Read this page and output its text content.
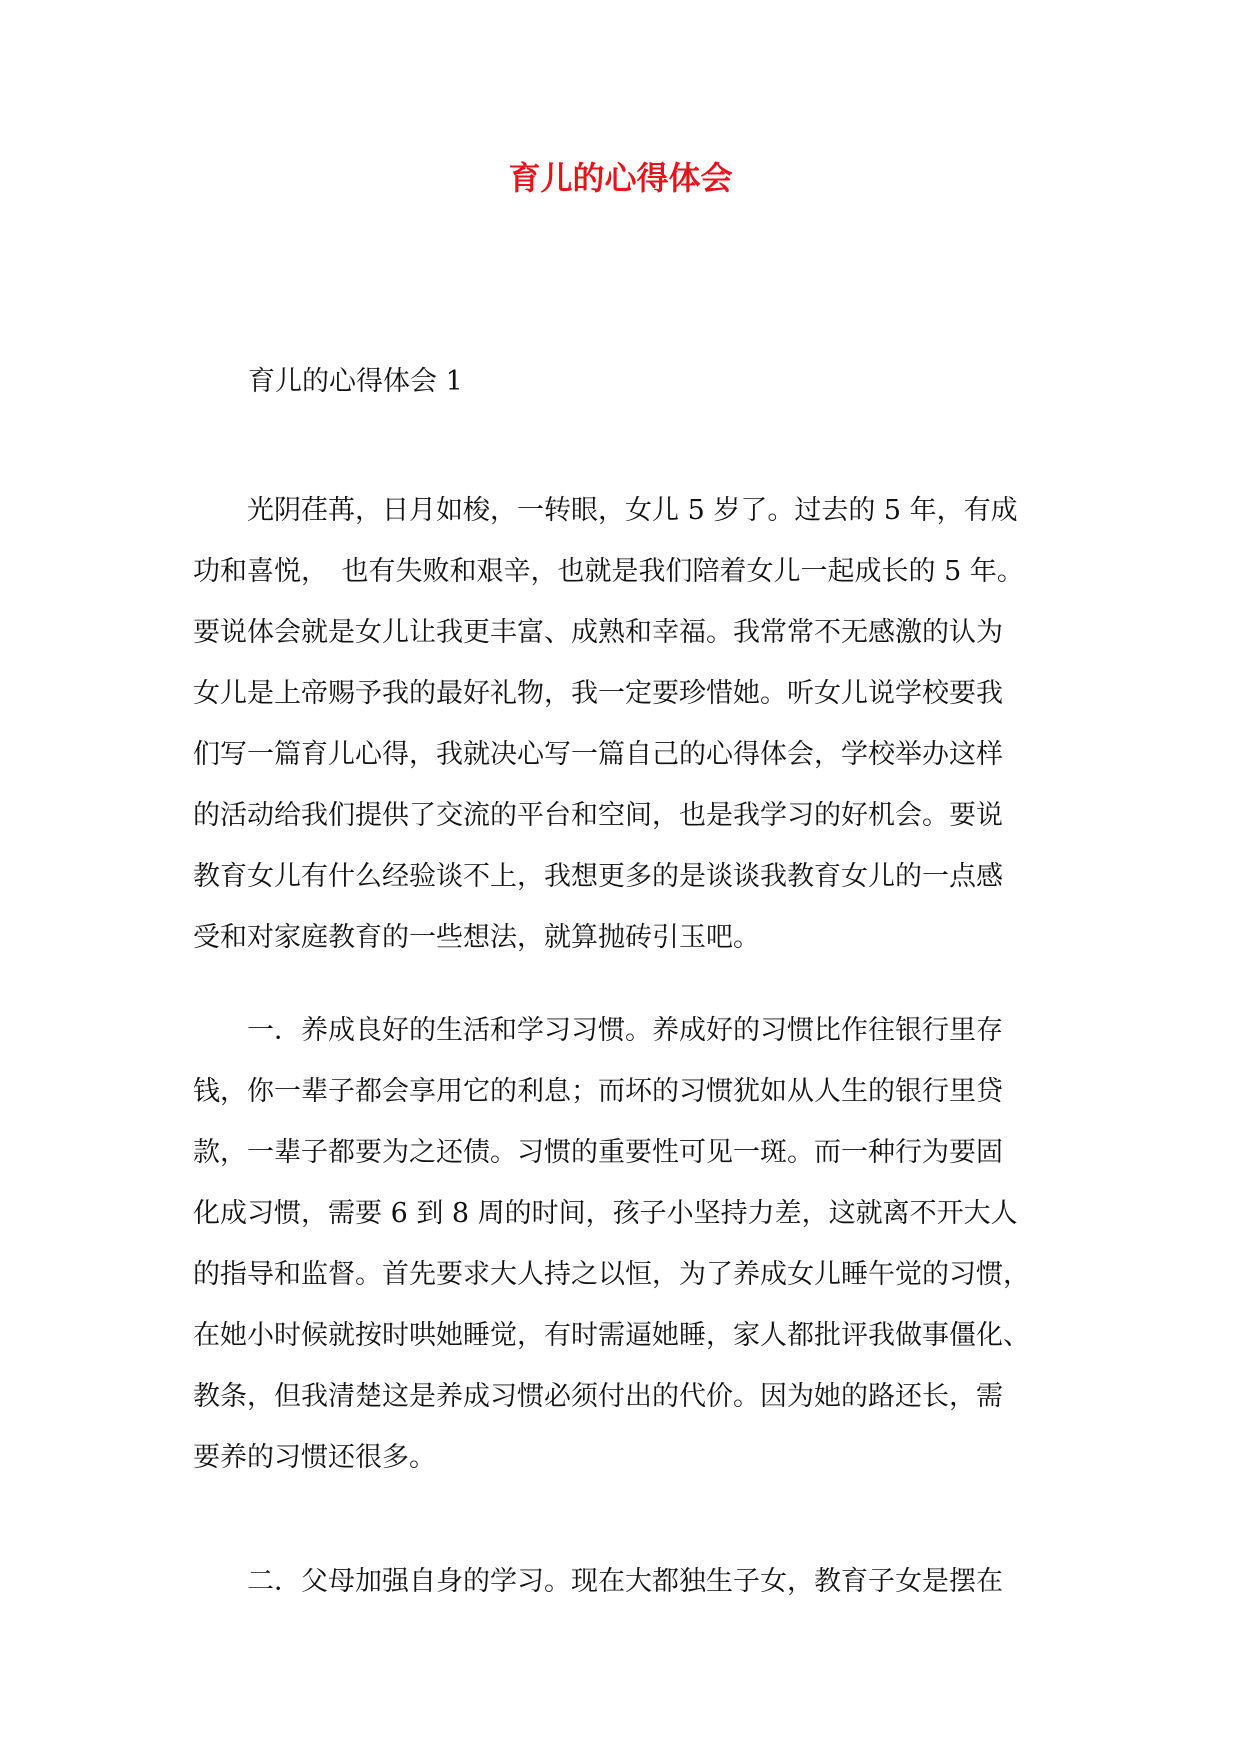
育儿的心得体会

育儿的心得体会 1

　　光阴荏苒，日月如梭，一转眼，女儿 5 岁了。过去的 5 年，有成
功和喜悦，　也有失败和艰辛，也就是我们陪着女儿一起成长的 5 年。
要说体会就是女儿让我更丰富、成熟和幸福。我常常不无感激的认为
女儿是上帝赐予我的最好礼物，我一定要珍惜她。听女儿说学校要我
们写一篇育儿心得，我就决心写一篇自己的心得体会，学校举办这样
的活动给我们提供了交流的平台和空间，也是我学习的好机会。要说
教育女儿有什么经验谈不上，我想更多的是谈谈我教育女儿的一点感
受和对家庭教育的一些想法，就算抛砖引玉吧。
　　一．养成良好的生活和学习习惯。养成好的习惯比作往银行里存
钱，你一辈子都会享用它的利息；而坏的习惯犹如从人生的银行里贷
款，一辈子都要为之还债。习惯的重要性可见一斑。而一种行为要固
化成习惯，需要 6 到 8 周的时间，孩子小坚持力差，这就离不开大人
的指导和监督。首先要求大人持之以恒，为了养成女儿睡午觉的习惯，
在她小时候就按时哄她睡觉，有时需逼她睡，家人都批评我做事僵化、
教条，但我清楚这是养成习惯必须付出的代价。因为她的路还长，需
要养的习惯还很多。
　　二．父母加强自身的学习。现在大都独生子女，教育子女是摆在
